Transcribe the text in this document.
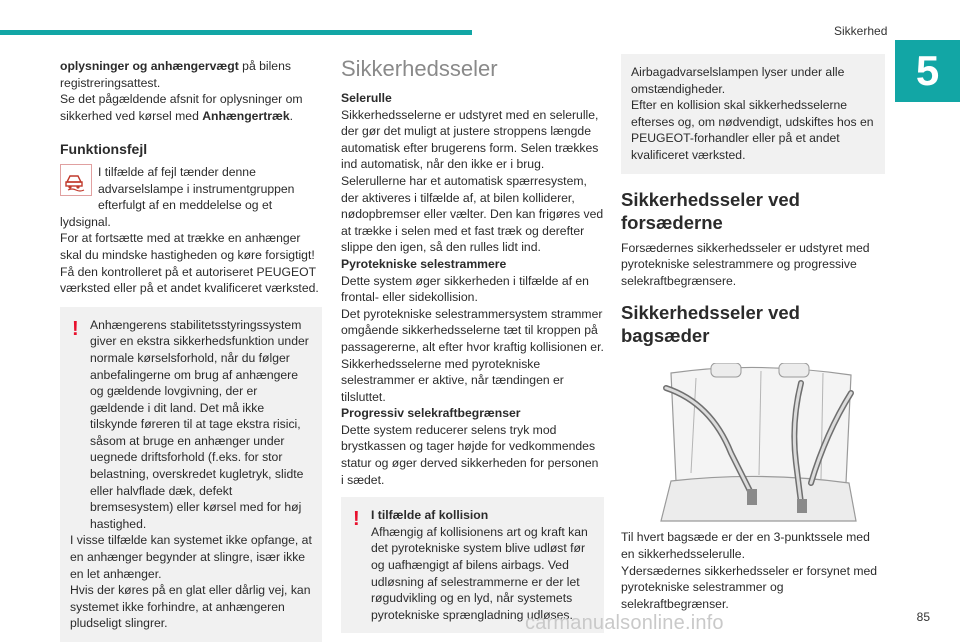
Sikkerhed
5

oplysninger og anhængervægt på bilens registreringsattest.

Se det pågældende afsnit for oplysninger om sikkerhed ved kørsel med Anhængertræk.

Funktionsfejl

I tilfælde af fejl tænder denne advarselslampe i instrumentgruppen efterfulgt af en meddelelse og et lydsignal.

For at fortsætte med at trække en anhænger skal du mindske hastigheden og køre forsigtigt!

Få den kontrolleret på et autoriseret PEUGEOT værksted eller på et andet kvalificeret værksted.

! Anhængerens stabilitetsstyringssystem giver en ekstra sikkerhedsfunktion under normale kørselsforhold, når du følger anbefalingerne om brug af anhængere og gældende lovgivning, der er gældende i dit land. Det må ikke tilskynde føreren til at tage ekstra risici, såsom at bruge en anhænger under uegnede driftsforhold (f.eks. for stor belastning, overskredet kugletryk, slidte eller halvflade dæk, defekt bremsesystem) eller kørsel med for høj hastighed.

I visse tilfælde kan systemet ikke opfange, at en anhænger begynder at slingre, især ikke en let anhænger.

Hvis der køres på en glat eller dårlig vej, kan systemet ikke forhindre, at anhængeren pludseligt slingrer.

Sikkerhedsseler

Selerulle

Sikkerhedsselerne er udstyret med en selerulle, der gør det muligt at justere stroppens længde automatisk efter brugerens form. Selen trækkes ind automatisk, når den ikke er i brug.

Selerullerne har et automatisk spærresystem, der aktiveres i tilfælde af, at bilen kolliderer, nødopbremser eller vælter. Den kan frigøres ved at trække i selen med et fast træk og derefter slippe den igen, så den rulles lidt ind.

Pyrotekniske selestrammere

Dette system øger sikkerheden i tilfælde af en frontal- eller sidekollision.

Det pyrotekniske selestrammersystem strammer omgående sikkerhedsselerne tæt til kroppen på passagererne, alt efter hvor kraftig kollisionen er.

Sikkerhedsselerne med pyrotekniske selestrammer er aktive, når tændingen er tilsluttet.

Progressiv selekraftbegrænser

Dette system reducerer selens tryk mod brystkassen og tager højde for vedkommendes statur og øger derved sikkerheden for personen i sædet.

! I tilfælde af kollision

Afhængig af kollisionens art og kraft kan det pyrotekniske system blive udløst før og uafhængigt af bilens airbags. Ved udløsning af selestrammerne er der let røgudvikling og en lyd, når systemets pyrotekniske sprængladning udløses.

Airbagadvarselslampen lyser under alle omstændigheder.

Efter en kollision skal sikkerhedsselerne efterses og, om nødvendigt, udskiftes hos en PEUGEOT-forhandler eller på et andet kvalificeret værksted.

Sikkerhedsseler ved forsæderne

Forsædernes sikkerhedsseler er udstyret med pyrotekniske selestrammere og progressive selekraftbegrænsere.

Sikkerhedsseler ved bagsæder

Til hvert bagsæde er der en 3-punktssele med en sikkerhedsselerulle.

Ydersædernes sikkerhedsseler er forsynet med pyrotekniske selestrammer og selekraftbegrænser.

carmanualsonline.info	85
